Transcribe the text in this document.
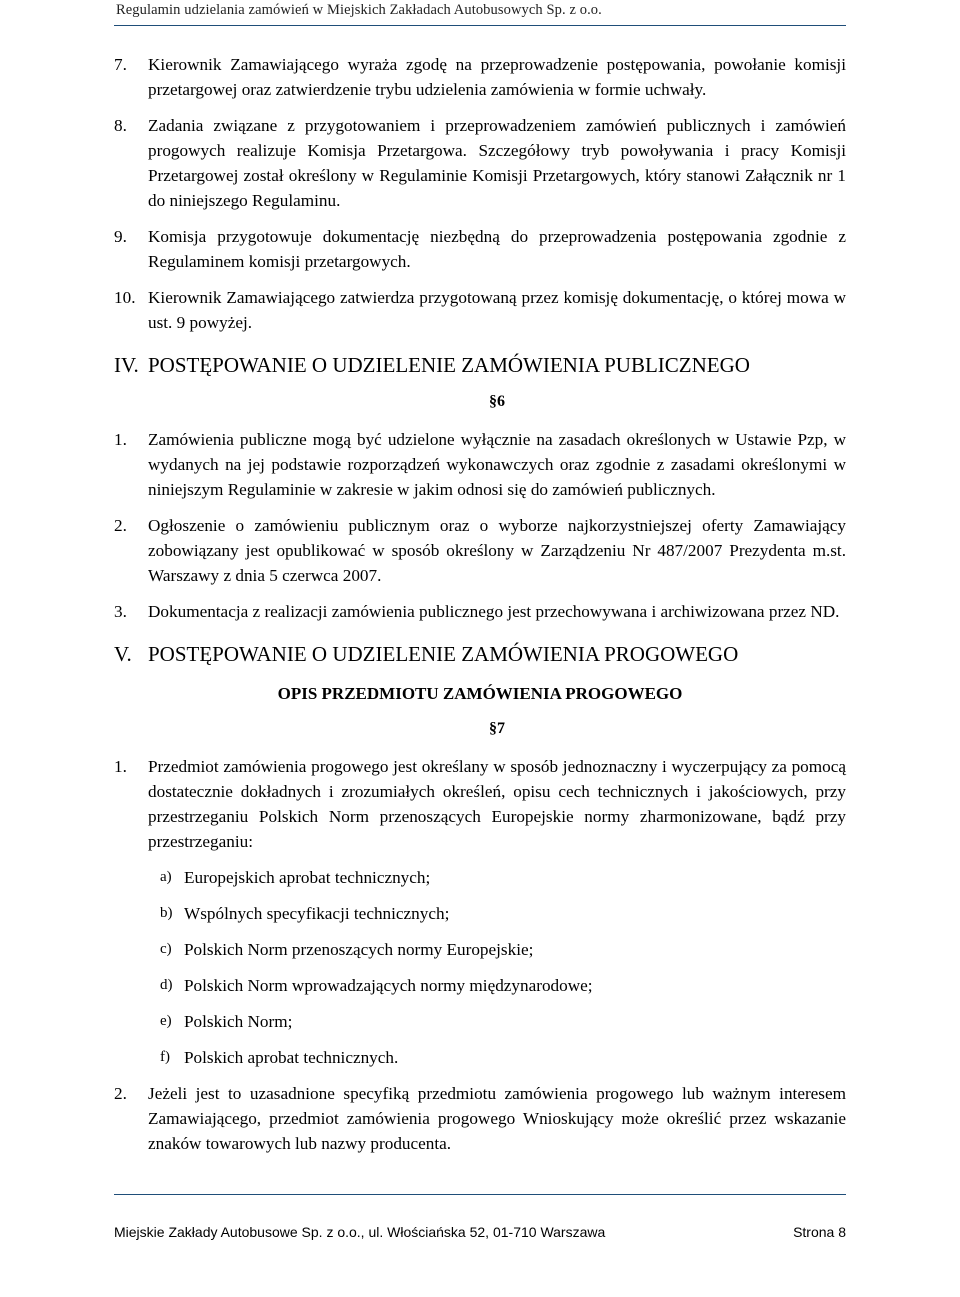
Regulamin udzielania zamówień w Miejskich Zakładach Autobusowych Sp. z o.o.
7.	Kierownik Zamawiającego wyraża zgodę na przeprowadzenie postępowania, powołanie komisji przetargowej oraz zatwierdzenie trybu udzielenia zamówienia w formie uchwały.
8.	Zadania związane z przygotowaniem i przeprowadzeniem zamówień publicznych i zamówień progowych realizuje Komisja Przetargowa. Szczegółowy tryb powoływania i pracy Komisji Przetargowej został określony w Regulaminie Komisji Przetargowych, który stanowi Załącznik nr 1 do niniejszego Regulaminu.
9.	Komisja przygotowuje dokumentację niezbędną do przeprowadzenia postępowania zgodnie z Regulaminem komisji przetargowych.
10. Kierownik Zamawiającego zatwierdza przygotowaną przez komisję dokumentację, o której mowa w ust. 9 powyżej.
IV. POSTĘPOWANIE O UDZIELENIE ZAMÓWIENIA PUBLICZNEGO
§6
1.	Zamówienia publiczne mogą być udzielone wyłącznie na zasadach określonych w Ustawie Pzp, w wydanych na jej podstawie rozporządzeń wykonawczych oraz zgodnie z zasadami określonymi w niniejszym Regulaminie w zakresie w jakim odnosi się do zamówień publicznych.
2.	Ogłoszenie o zamówieniu publicznym oraz o wyborze najkorzystniejszej oferty Zamawiający zobowiązany jest opublikować w sposób określony w Zarządzeniu Nr 487/2007 Prezydenta m.st. Warszawy z dnia 5 czerwca 2007.
3.	Dokumentacja z realizacji zamówienia publicznego jest przechowywana i archiwizowana przez ND.
V. POSTĘPOWANIE O UDZIELENIE ZAMÓWIENIA PROGOWEGO
OPIS PRZEDMIOTU ZAMÓWIENIA PROGOWEGO
§7
1.	Przedmiot zamówienia progowego jest określany w sposób jednoznaczny i wyczerpujący za pomocą dostatecznie dokładnych i zrozumiałych określeń, opisu cech technicznych i jakościowych, przy przestrzeganiu Polskich Norm przenoszących Europejskie normy zharmonizowane, bądź przy przestrzeganiu:
a) Europejskich aprobat technicznych;
b) Wspólnych specyfikacji technicznych;
c) Polskich Norm przenoszących normy Europejskie;
d) Polskich Norm wprowadzających normy międzynarodowe;
e) Polskich Norm;
f) Polskich aprobat technicznych.
2.	Jeżeli jest to uzasadnione specyfiką przedmiotu zamówienia progowego lub ważnym interesem Zamawiającego, przedmiot zamówienia progowego Wnioskujący może określić przez wskazanie znaków towarowych lub nazwy producenta.
Miejskie Zakłady Autobusowe Sp. z o.o., ul. Włościańska 52, 01-710 Warszawa	Strona 8
